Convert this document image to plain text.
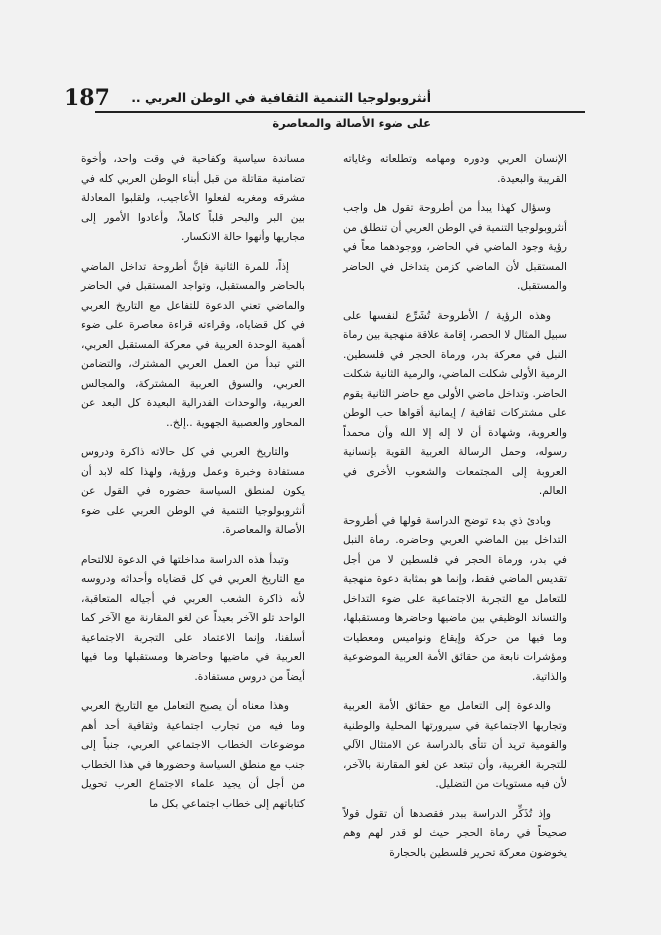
187 أنثروبولوجيا التنمية الثقافية في الوطن العربي ..
على ضوء الأصالة والمعاصرة

الإنسان العربي ودوره ومهامه وتطلعاته وغاياته القريبة والبعيدة.

وسؤال كهذا يبدأ من أطروحة تقول هل واجب أنثروبولوجيا التنمية في الوطن العربي أن تنطلق من رؤية وجود الماضي في الحاضر، ووجودهما معاً في المستقبل لأن الماضي كزمن يتداخل في الحاضر والمستقبل.

وهذه الرؤية / الأطروحة تُشَرِّع لنفسها على سبيل المثال لا الحصر، إقامة علاقة منهجية بين رماة النبل في معركة بدر، ورماة الحجر في فلسطين. الرمية الأولى شكلت الماضي، والرمية الثانية شكلت الحاضر. وتداخل ماضي الأولى مع حاضر الثانية يقوم على مشتركات ثقافية / إيمانية أقواها حب الوطن والعروبة، وشهادة أن لا إله إلا الله وأن محمداً رسوله، وحمل الرسالة العربية القوية بإنسانية العروبة إلى المجتمعات والشعوب الأخرى في العالم.

وبادئ ذي بدء توضح الدراسة قولها في أطروحة التداخل بين الماضي العربي وحاضره. رماة النبل في بدر، ورماة الحجر في فلسطين لا من أجل تقديس الماضي فقط، وإنما هو بمثابة دعوة منهجية للتعامل مع التجربة الاجتماعية على ضوء التداخل والتساند الوظيفي بين ماضيها وحاضرها ومستقبلها، وما فيها من حركة وإيقاع ونواميس ومعطيات ومؤشرات نابعة من حقائق الأمة العربية الموضوعية والذاتية.

والدعوة إلى التعامل مع حقائق الأمة العربية وتجاربها الاجتماعية في سيرورتها المحلية والوطنية والقومية تريد أن تتأى بالدراسة عن الامتثال الآلي للتجربة الغربية، وأن تبتعد عن لغو المقارنة بالآخر، لأن فيه مستويات من التضليل.

وإذ تُذَكِّر الدراسة ببدر فقصدها أن تقول قولاً صحيحاً في رماة الحجر حيث لو قدر لهم وهم يخوضون معركة تحرير فلسطين بالحجارة

مساندة سياسية وكفاحية في وقت واحد، وأخوة تضامنية مقاتلة من قبل أبناء الوطن العربي كله في مشرقه ومغربه لفعلوا الأعاجيب، ولقلبوا المعادلة بين البر والبحر قلباً كاملاً، وأعادوا الأمور إلى مجاريها وأنهوا حالة الانكسار.

إذاً، للمرة الثانية فإنَّ أطروحة تداخل الماضي بالحاضر والمستقبل، وتواجد المستقبل في الحاضر والماضي تعني الدعوة للتفاعل مع التاريخ العربي في كل قضاياه، وقراءته قراءة معاصرة على ضوء أهمية الوحدة العربية في معركة المستقبل العربي، التي تبدأ من العمل العربي المشترك، والتضامن العربي، والسوق العربية المشتركة، والمجالس العربية، والوحدات الفدرالية البعيدة كل البعد عن المحاور والعصبية الجهوية ..إلخ..

والتاريخ العربي في كل حالاته ذاكرة ودروس مستفادة وخبرة وعمل ورؤية، ولهذا كله لابد أن يكون لمنطق السياسة حضوره في القول عن أنثروبولوجيا التنمية في الوطن العربي على ضوء الأصالة والمعاصرة.

وتبدأ هذه الدراسة مداخلتها في الدعوة للالتحام مع التاريخ العربي في كل قضاياه وأحداثه ودروسه لأنه ذاكرة الشعب العربي في أجياله المتعاقبة، الواحد تلو الآخر بعيداً عن لغو المقارنة مع الآخر كما أسلفنا، وإنما الاعتماد على التجربة الاجتماعية العربية في ماضيها وحاضرها ومستقبلها وما فيها أيضاً من دروس مستفادة.

وهذا معناه أن يصبح التعامل مع التاريخ العربي وما فيه من تجارب اجتماعية وثقافية أحد أهم موضوعات الخطاب الاجتماعي العربي، جنباً إلى جنب مع منطق السياسة وحضورها في هذا الخطاب من أجل أن يجيد علماء الاجتماع العرب تحويل كتاباتهم إلى خطاب اجتماعي بكل ما
